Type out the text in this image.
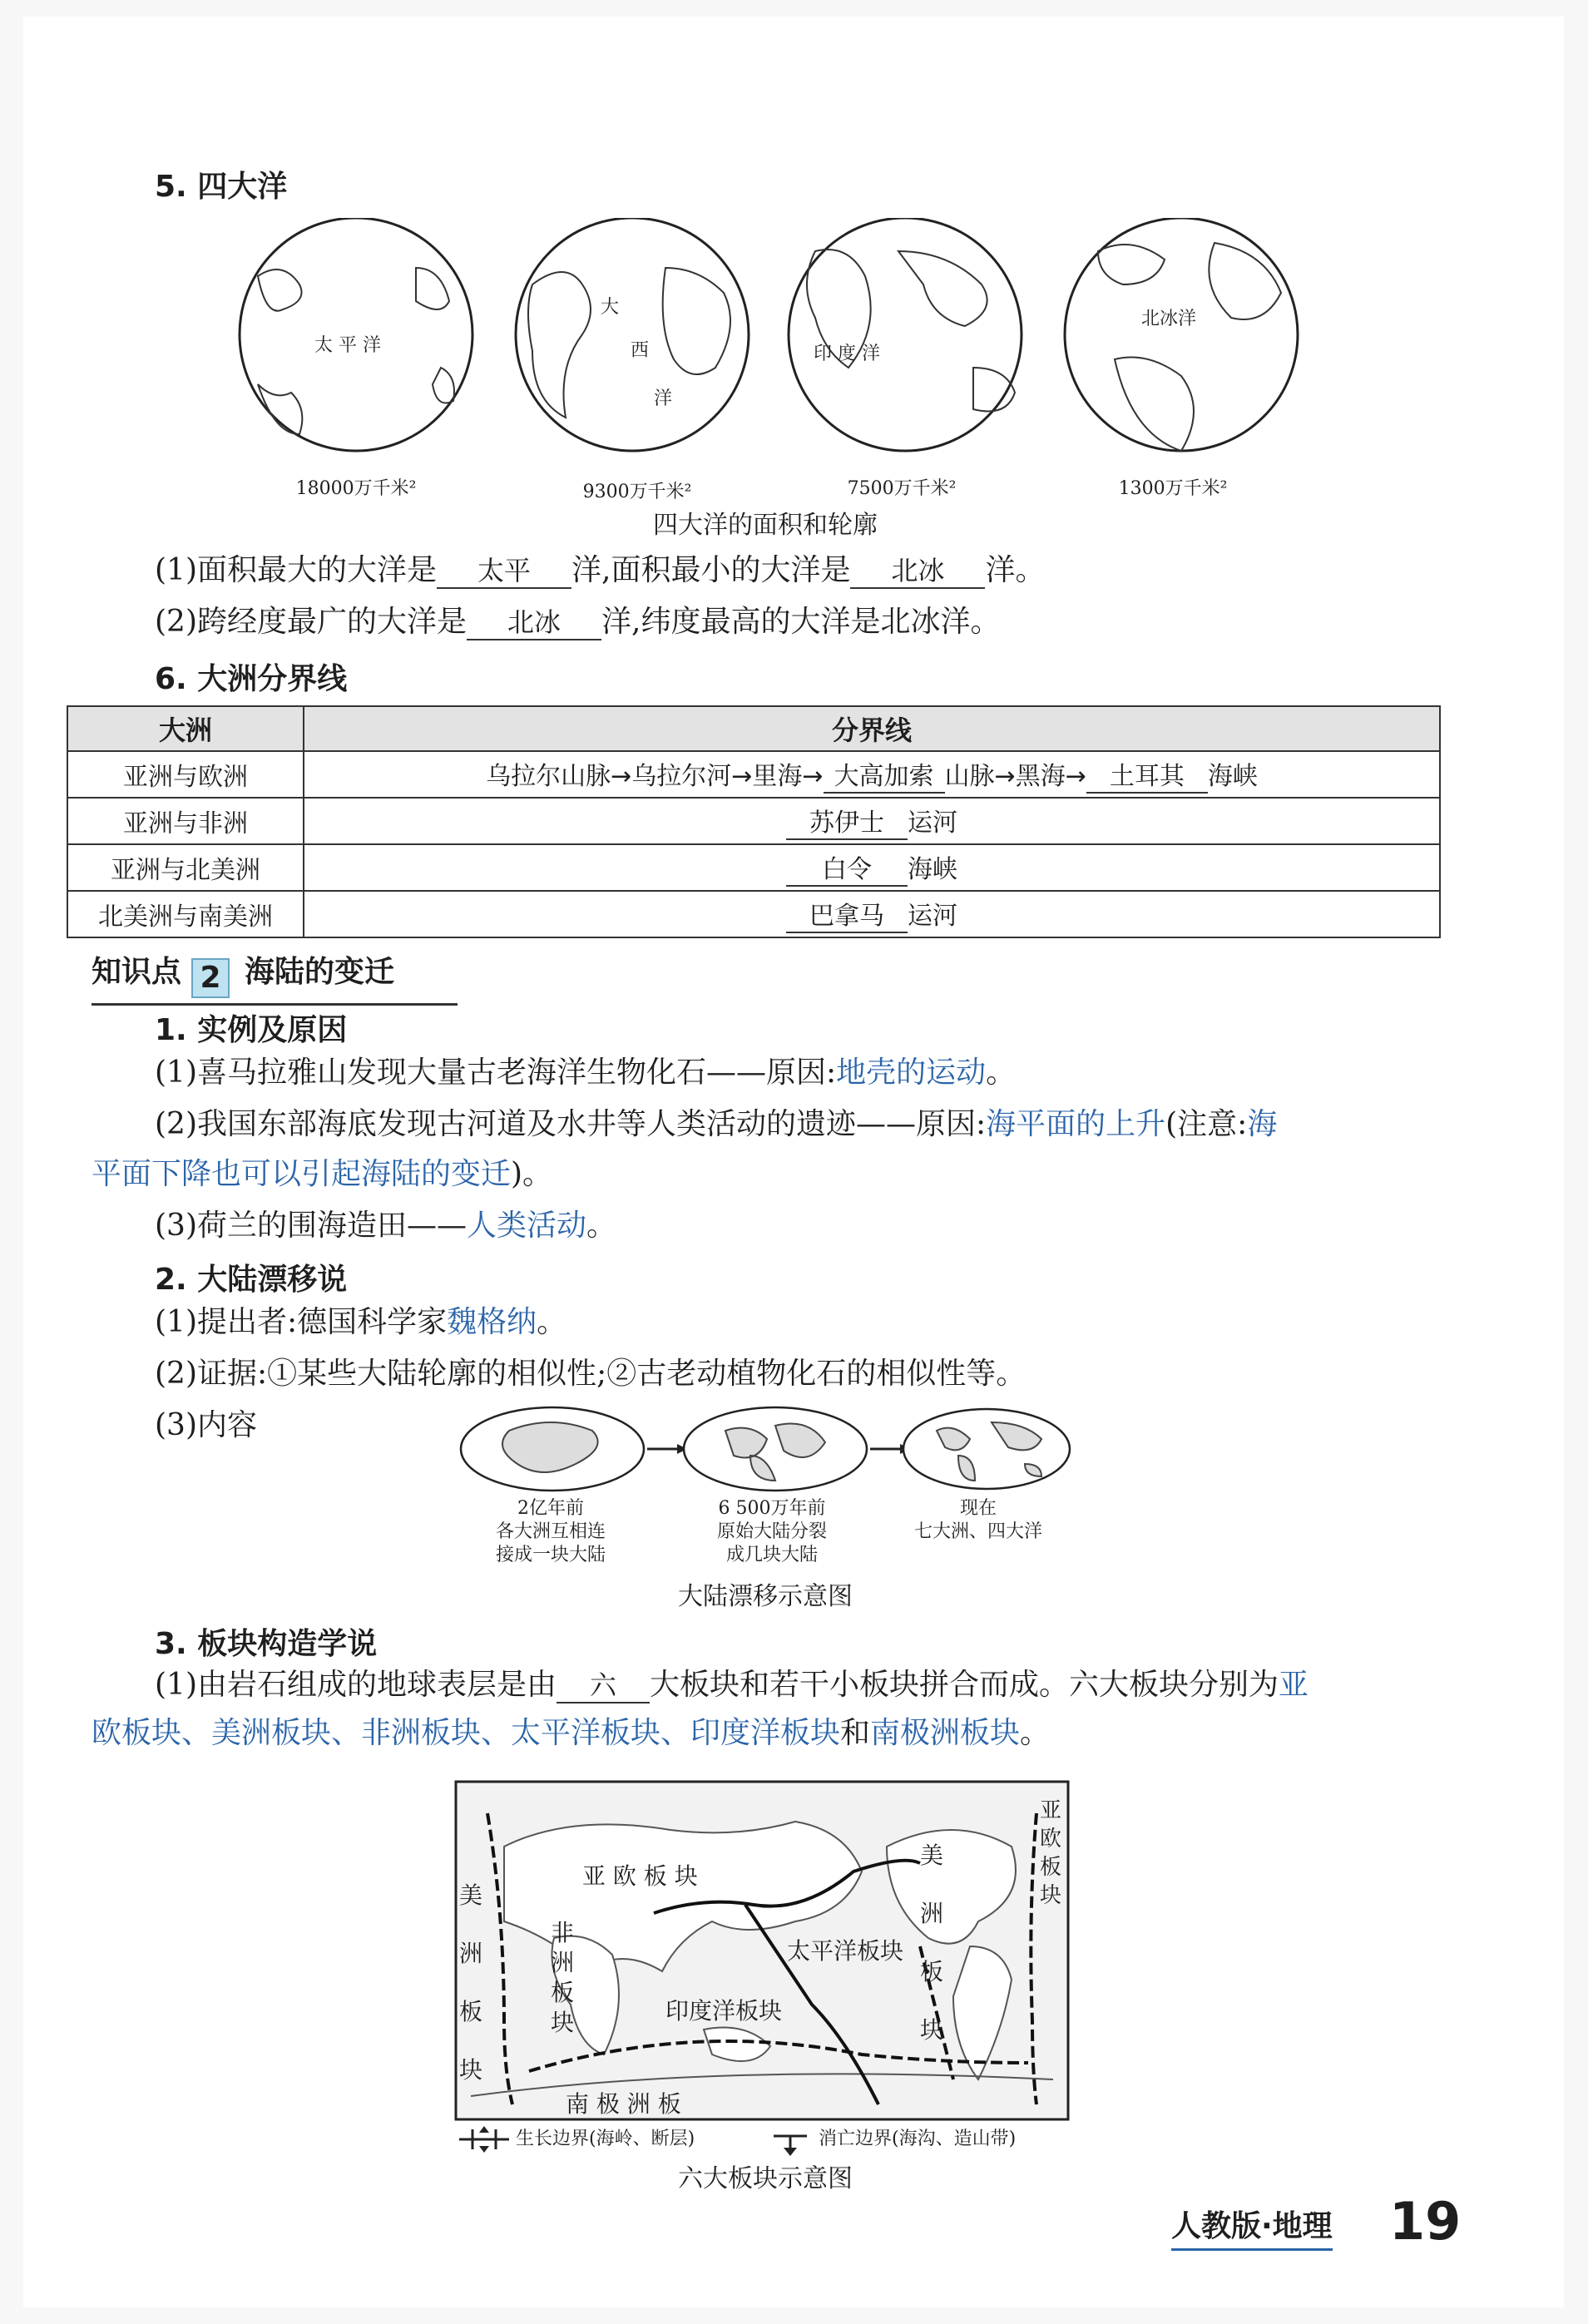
5. 四大洋
太 平 洋
大
西
洋
印 度 洋
北冰洋
18000万千米²	9300万千米²	7500万千米²	1300万千米²
四大洋的面积和轮廓
(1)面积最大的大洋是 太平 洋,面积最小的大洋是 北冰 洋。
(2)跨经度最广的大洋是 北冰 洋,纬度最高的大洋是北冰洋。
6. 大洲分界线
大洲	分界线
亚洲与欧洲	乌拉尔山脉→乌拉尔河→里海→ 大高加索 山脉→黑海→ 土耳其 海峡
亚洲与非洲	苏伊士 运河
亚洲与北美洲	白令 海峡
北美洲与南美洲	巴拿马 运河
知识点 2 海陆的变迁
1. 实例及原因
(1)喜马拉雅山发现大量古老海洋生物化石——原因:地壳的运动。
(2)我国东部海底发现古河道及水井等人类活动的遗迹——原因:海平面的上升(注意:海
平面下降也可以引起海陆的变迁)。
(3)荷兰的围海造田——人类活动。
2. 大陆漂移说
(1)提出者:德国科学家魏格纳。
(2)证据:①某些大陆轮廓的相似性;②古老动植物化石的相似性等。
(3)内容
2亿年前
各大洲互相连
接成一块大陆
6 500万年前
原始大陆分裂
成几块大陆
现在
七大洲、四大洋
大陆漂移示意图
3. 板块构造学说
(1)由岩石组成的地球表层是由 六 大板块和若干小板块拼合而成。六大板块分别为亚
欧板块、美洲板块、非洲板块、太平洋板块、印度洋板块和南极洲板块。
亚 欧 板 块
太平洋板块
印度洋板块
南 极 洲 板
非洲板块
美洲板块
美洲板块
亚欧板块
生长边界(海岭、断层)	消亡边界(海沟、造山带)
六大板块示意图
人教版·地理 19
